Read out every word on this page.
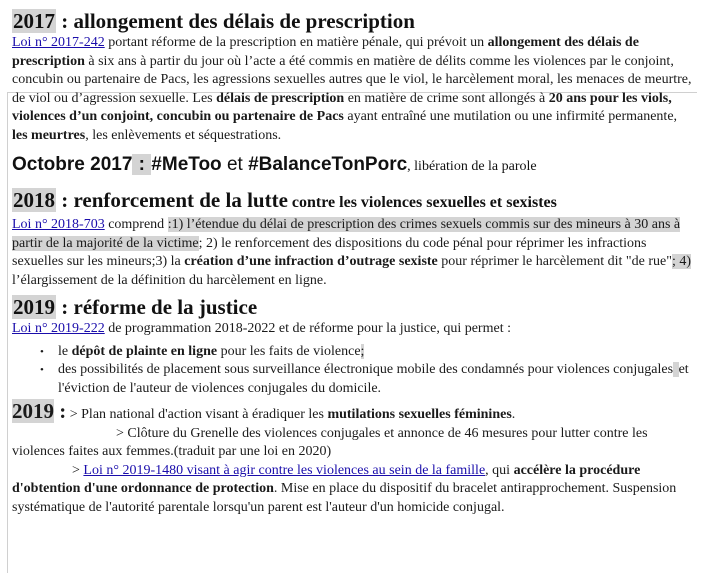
2017 : allongement des délais de prescription

Loi n° 2017-242 portant réforme de la prescription en matière pénale, qui prévoit un allongement des délais de prescription à six ans à partir du jour où l’acte a été commis en matière de délits comme les violences par le conjoint, concubin ou partenaire de Pacs, les agressions sexuelles autres que le viol, le harcèlement moral, les menaces de meurtre, de viol ou d’agression sexuelle. Les délais de prescription en matière de crime sont allongés à 20 ans pour les viols, violences d’un conjoint, concubin ou partenaire de Pacs ayant entraîné une mutilation ou une infirmité permanente, les meurtres, les enlèvements et séquestrations.

Octobre 2017 : #MeToo et #BalanceTonPorc, libération de la parole
2018 : renforcement de la lutte contre les violences sexuelles et sexistes

Loi n° 2018-703 comprend :1) l’étendue du délai de prescription des crimes sexuels commis sur des mineurs à 30 ans à partir de la majorité de la victime; 2) le renforcement des dispositions du code pénal pour réprimer les infractions sexuelles sur les mineurs;3) la création d’une infraction d’outrage sexiste pour réprimer le harcèlement dit "de rue"; 4) l’élargissement de la définition du harcèlement en ligne.

2019 : réforme de la justice

Loi n° 2019-222 de programmation 2018-2022 et de réforme pour la justice, qui permet :

• le dépôt de plainte en ligne pour les faits de violence;
• des possibilités de placement sous surveillance électronique mobile des condamnés pour violences conjugales et l'éviction de l'auteur de violences conjugales du domicile.

2019 : > Plan national d'action visant à éradiquer les mutilations sexuelles féminines.

> Clôture du Grenelle des violences conjugales et annonce de 46 mesures pour lutter contre les violences faites aux femmes.(traduit par une loi en 2020)

> Loi n° 2019-1480 visant à agir contre les violences au sein de la famille, qui accélère la procédure d'obtention d'une ordonnance de protection. Mise en place du dispositif du bracelet antirapprochement. Suspension systématique de l'autorité parentale lorsqu'un parent est l'auteur d'un homicide conjugal.
